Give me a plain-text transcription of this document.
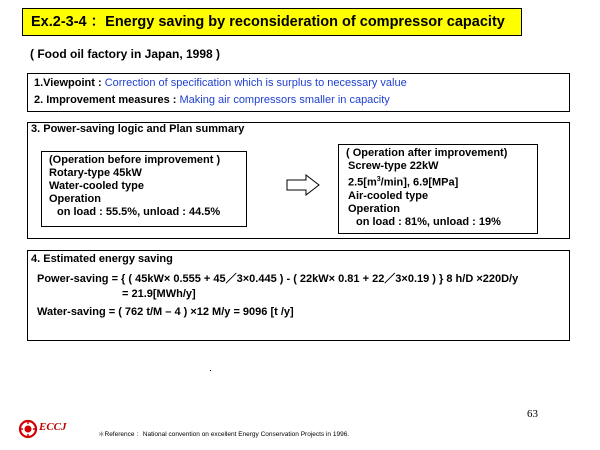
Ex.2-3-4 ：Energy saving by reconsideration of compressor capacity
( Food oil factory in Japan, 1998 )
1.Viewpoint : Correction of specification which is surplus to necessary value
2. Improvement measures : Making air compressors smaller in capacity
3. Power-saving logic and Plan summary
(Operation before improvement )
Rotary-type 45kW
Water-cooled type
Operation
on load : 55.5%, unload : 44.5%
( Operation after improvement)
Screw-type 22kW
$2.5[m^3/\min]$, 6.9[MPa]
Air-cooled type
Operation
on load : 81%, unload : 19%
4. Estimated energy saving
Power-saving = { ( 45kW× 0.555 + 45／3×0.445 ) - ( 22kW× 0.81 + 22／3×0.19 ) } 8 h/D ×220D/y
= 21.9[MWh/y]
Water-saving = ( 762 t/M – 4 ) ×12 M/y = 9096 [t /y]
63
ECCJ
＊Reference ：National convention on excellent Energy Conservation Projects in 1996.
